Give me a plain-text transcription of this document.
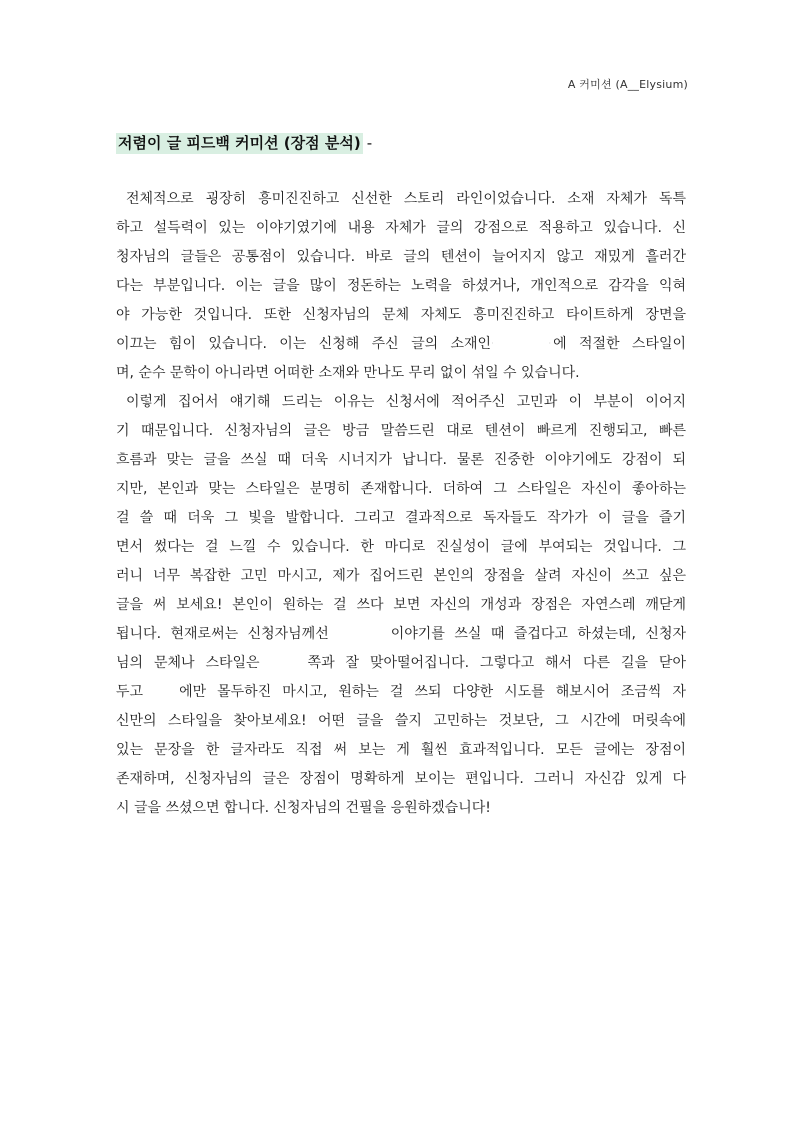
A 커미션 (A__Elysium)
저렴이 글 피드백 커미션 (장점 분석) -
전체적으로 굉장히 흥미진진하고 신선한 스토리 라인이었습니다. 소재 자체가 독특
하고 설득력이 있는 이야기였기에 내용 자체가 글의 강점으로 적용하고 있습니다. 신
청자님의 글들은 공통점이 있습니다. 바로 글의 텐션이 늘어지지 않고 재밌게 흘러간
다는 부분입니다. 이는 글을 많이 정돈하는 노력을 하셨거나, 개인적으로 감각을 익혀
야 가능한 것입니다. 또한 신청자님의 문체 자체도 흥미진진하고 타이트하게 장면을
이끄는 힘이 있습니다. 이는 신청해 주신 글의 소재인· ·에 적절한 스타일이
며, 순수 문학이 아니라면 어떠한 소재와 만나도 무리 없이 섞일 수 있습니다.
이렇게 집어서 얘기해 드리는 이유는 신청서에 적어주신 고민과 이 부분이 이어지
기 때문입니다. 신청자님의 글은 방금 말씀드린 대로 텐션이 빠르게 진행되고, 빠른
흐름과 맞는 글을 쓰실 때 더욱 시너지가 납니다. 물론 진중한 이야기에도 강점이 되
지만, 본인과 맞는 스타일은 분명히 존재합니다. 더하여 그 스타일은 자신이 좋아하는
걸 쓸 때 더욱 그 빛을 발합니다. 그리고 결과적으로 독자들도 작가가 이 글을 즐기
면서 썼다는 걸 느낄 수 있습니다. 한 마디로 진실성이 글에 부여되는 것입니다. 그
러니 너무 복잡한 고민 마시고, 제가 집어드린 본인의 장점을 살려 자신이 쓰고 싶은
글을 써 보세요! 본인이 원하는 걸 쓰다 보면 자신의 개성과 장점은 자연스레 깨닫게
됩니다. 현재로써는 신청자님께선	이야기를 쓰실 때 즐겁다고 하셨는데, 신청자
님의 문체나 스타일은	쪽과 잘 맞아떨어집니다. 그렇다고 해서 다른 길을 닫아
두고	에만 몰두하진 마시고, 원하는 걸 쓰되 다양한 시도를 해보시어 조금씩 자
신만의 스타일을 찾아보세요! 어떤 글을 쓸지 고민하는 것보단, 그 시간에 머릿속에
있는 문장을 한 글자라도 직접 써 보는 게 훨씬 효과적입니다. 모든 글에는 장점이
존재하며, 신청자님의 글은 장점이 명확하게 보이는 편입니다. 그러니 자신감 있게 다
시 글을 쓰셨으면 합니다. 신청자님의 건필을 응원하겠습니다!
